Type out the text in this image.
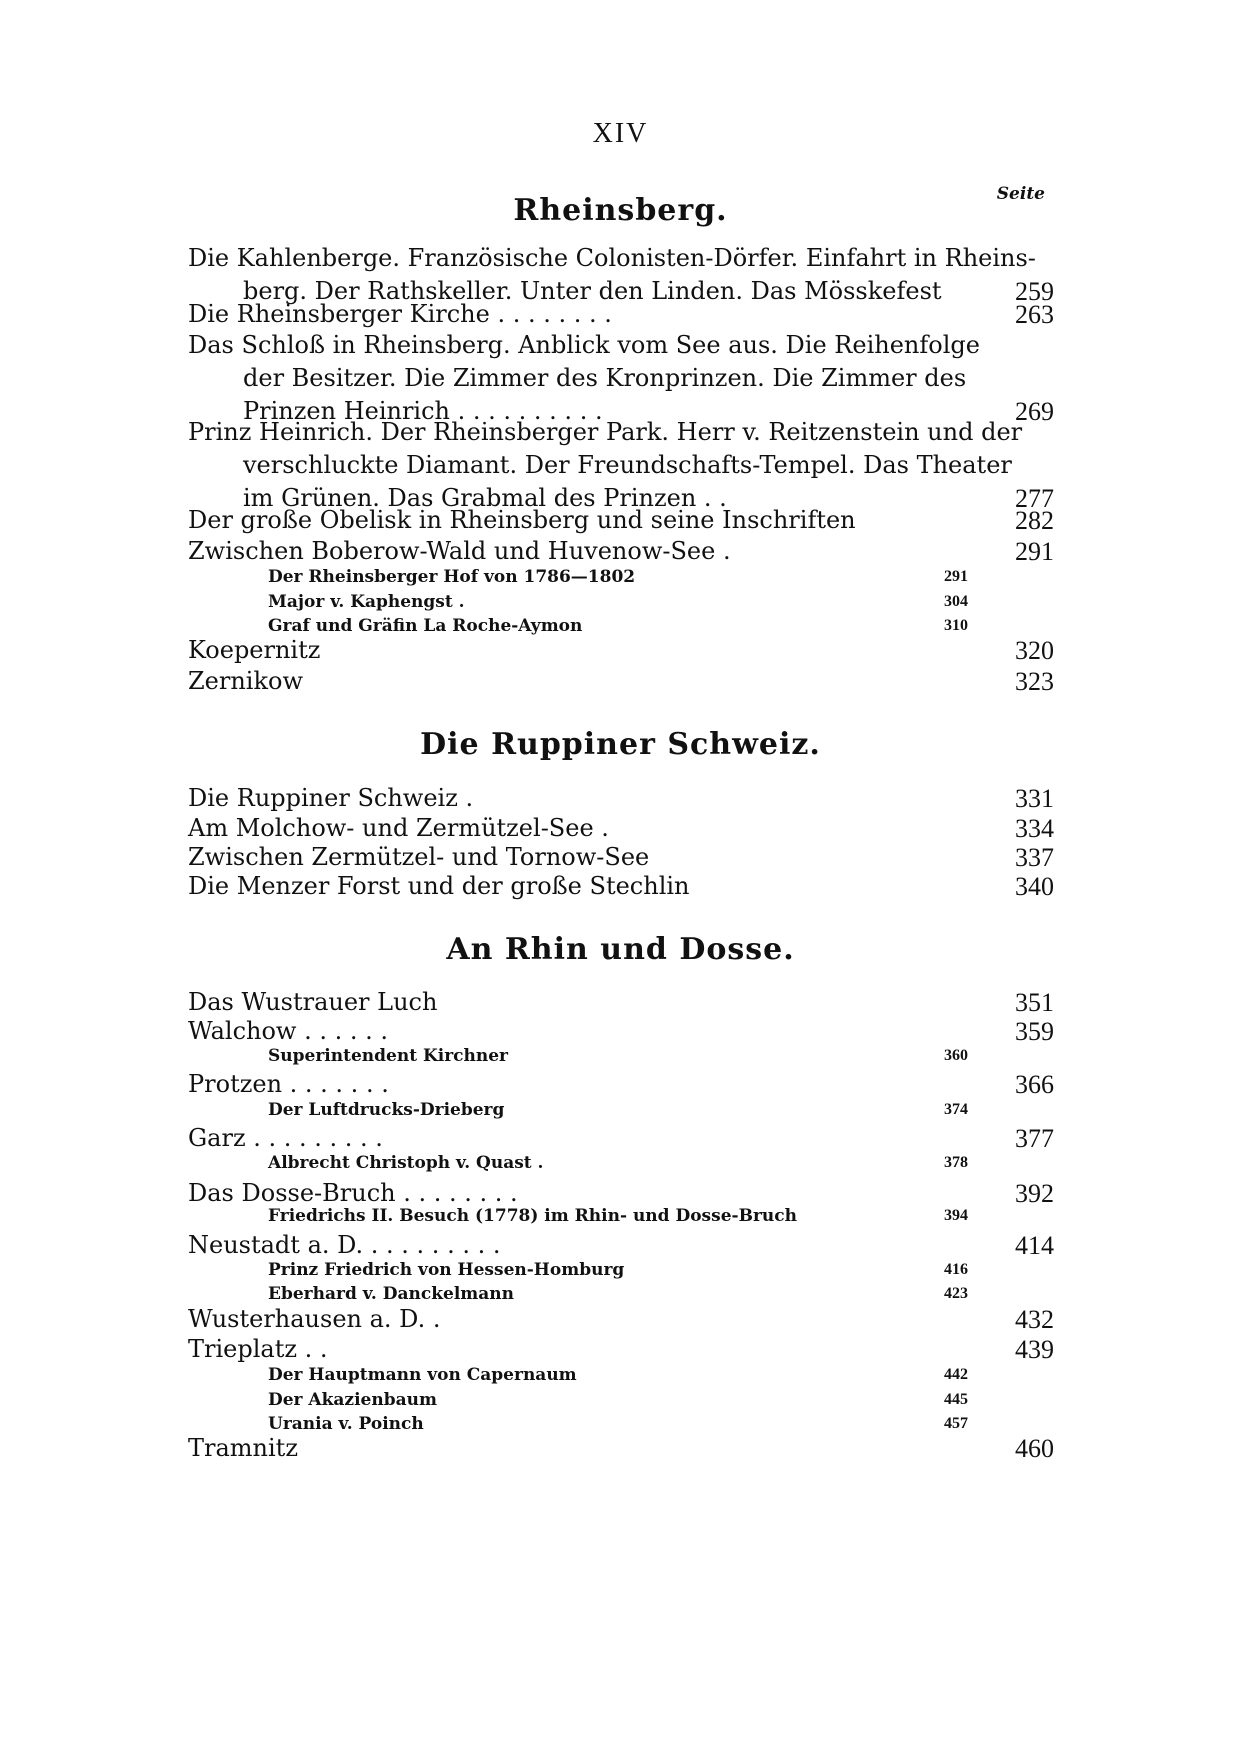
XIV
Seite
Rheinsberg.
Die Kahlenberge. Französische Colonisten-Dörfer. Einfahrt in Rheins-
berg. Der Rathskeller. Unter den Linden. Das Mösskefest	259
Die Rheinsberger Kirche . . . . . . . .	263
Das Schloß in Rheinsberg. Anblick vom See aus. Die Reihenfolge
der Besitzer. Die Zimmer des Kronprinzen. Die Zimmer des
Prinzen Heinrich . . . . . . . . . .	269
Prinz Heinrich. Der Rheinsberger Park. Herr v. Reitzenstein und der
verschluckte Diamant. Der Freundschafts-Tempel. Das Theater
im Grünen. Das Grabmal des Prinzen . .	277
Der große Obelisk in Rheinsberg und seine Inschriften	282
Zwischen Boberow-Wald und Huvenow-See .	291
Der Rheinsberger Hof von 1786—1802	291
Major v. Kaphengst .	304
Graf und Gräfin La Roche-Aymon	310
Koepernitz	320
Zernikow	323
Die Ruppiner Schweiz.
Die Ruppiner Schweiz .	331
Am Molchow- und Zermützel-See .	334
Zwischen Zermützel- und Tornow-See	337
Die Menzer Forst und der große Stechlin	340
An Rhin und Dosse.
Das Wustrauer Luch	351
Walchow . . . . . .	359
Superintendent Kirchner	360
Protzen . . . . . . .	366
Der Luftdrucks-Drieberg	374
Garz . . . . . . . . .	377
Albrecht Christoph v. Quast .	378
Das Dosse-Bruch . . . . . . . .	392
Friedrichs II. Besuch (1778) im Rhin- und Dosse-Bruch	394
Neustadt a. D. . . . . . . . . .	414
Prinz Friedrich von Hessen-Homburg	416
Eberhard v. Danckelmann	423
Wusterhausen a. D. .	432
Trieplatz . .	439
Der Hauptmann von Capernaum	442
Der Akazienbaum	445
Urania v. Poinch	457
Tramnitz	460
